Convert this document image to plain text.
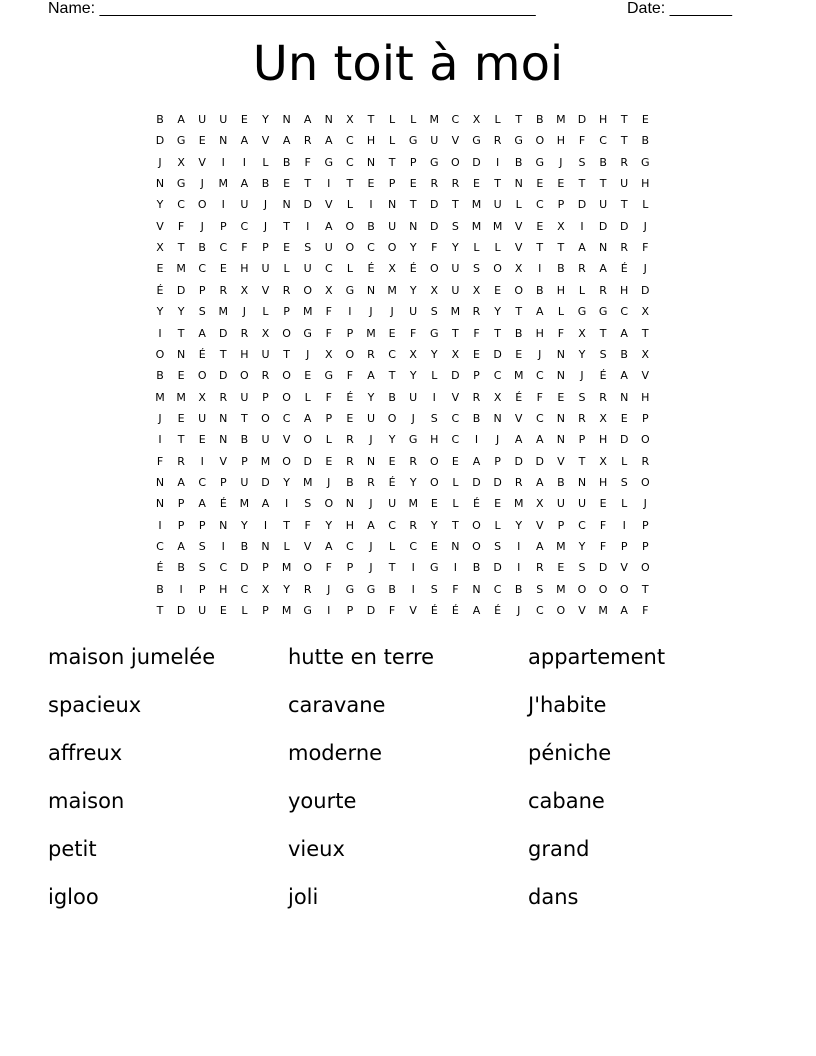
Name: _________________________________________________

	Date: _______

Un toit à moi
B	A	U	U	E	Y	N	A	N	X	T	L	L	M	C	X	L	T	B	M	D	H	T	E
D	G	E	N	A	V	A	R	A	C	H	L	G	U	V	G	R	G	O	H	F	C	T	B
J	X	V	I	I	L	B	F	G	C	N	T	P	G	O	D	I	B	G	J	S	B	R	G
N	G	J	M	A	B	E	T	I	T	E	P	E	R	R	E	T	N	E	E	T	T	U	H
Y	C	O	I	U	J	N	D	V	L	I	N	T	D	T	M	U	L	C	P	D	U	T	L
V	F	J	P	C	J	T	I	A	O	B	U	N	D	S	M	M	V	E	X	I	D	D	J
X	T	B	C	F	P	E	S	U	O	C	O	Y	F	Y	L	L	V	T	T	A	N	R	F
E	M	C	E	H	U	L	U	C	L	É	X	É	O	U	S	O	X	I	B	R	A	É	J
É	D	P	R	X	V	R	O	X	G	N	M	Y	X	U	X	E	O	B	H	L	R	H	D
Y	Y	S	M	J	L	P	M	F	I	J	J	U	S	M	R	Y	T	A	L	G	G	C	X
I	T	A	D	R	X	O	G	F	P	M	E	F	G	T	F	T	B	H	F	X	T	A	T
O	N	É	T	H	U	T	J	X	O	R	C	X	Y	X	E	D	E	J	N	Y	S	B	X
B	E	O	D	O	R	O	E	G	F	A	T	Y	L	D	P	C	M	C	N	J	É	A	V
M	M	X	R	U	P	O	L	F	É	Y	B	U	I	V	R	X	É	F	E	S	R	N	H
J	E	U	N	T	O	C	A	P	E	U	O	J	S	C	B	N	V	C	N	R	X	E	P
I	T	E	N	B	U	V	O	L	R	J	Y	G	H	C	I	J	A	A	N	P	H	D	O
F	R	I	V	P	M	O	D	E	R	N	E	R	O	E	A	P	D	D	V	T	X	L	R
N	A	C	P	U	D	Y	M	J	B	R	É	Y	O	L	D	D	R	A	B	N	H	S	O
N	P	A	É	M	A	I	S	O	N	J	U	M	E	L	É	E	M	X	U	U	E	L	J
I	P	P	N	Y	I	T	F	Y	H	A	C	R	Y	T	O	L	Y	V	P	C	F	I	P
C	A	S	I	B	N	L	V	A	C	J	L	C	E	N	O	S	I	A	M	Y	F	P	P
É	B	S	C	D	P	M	O	F	P	J	T	I	G	I	B	D	I	R	E	S	D	V	O
B	I	P	H	C	X	Y	R	J	G	G	B	I	S	F	N	C	B	S	M	O	O	O	T
T	D	U	E	L	P	M	G	I	P	D	F	V	É	É	A	É	J	C	O	V	M	A	F
maison jumelée	hutte en terre	appartement
spacieux	caravane	J'habite
affreux	moderne	péniche
maison	yourte	cabane
petit	vieux	grand
igloo	joli	dans
